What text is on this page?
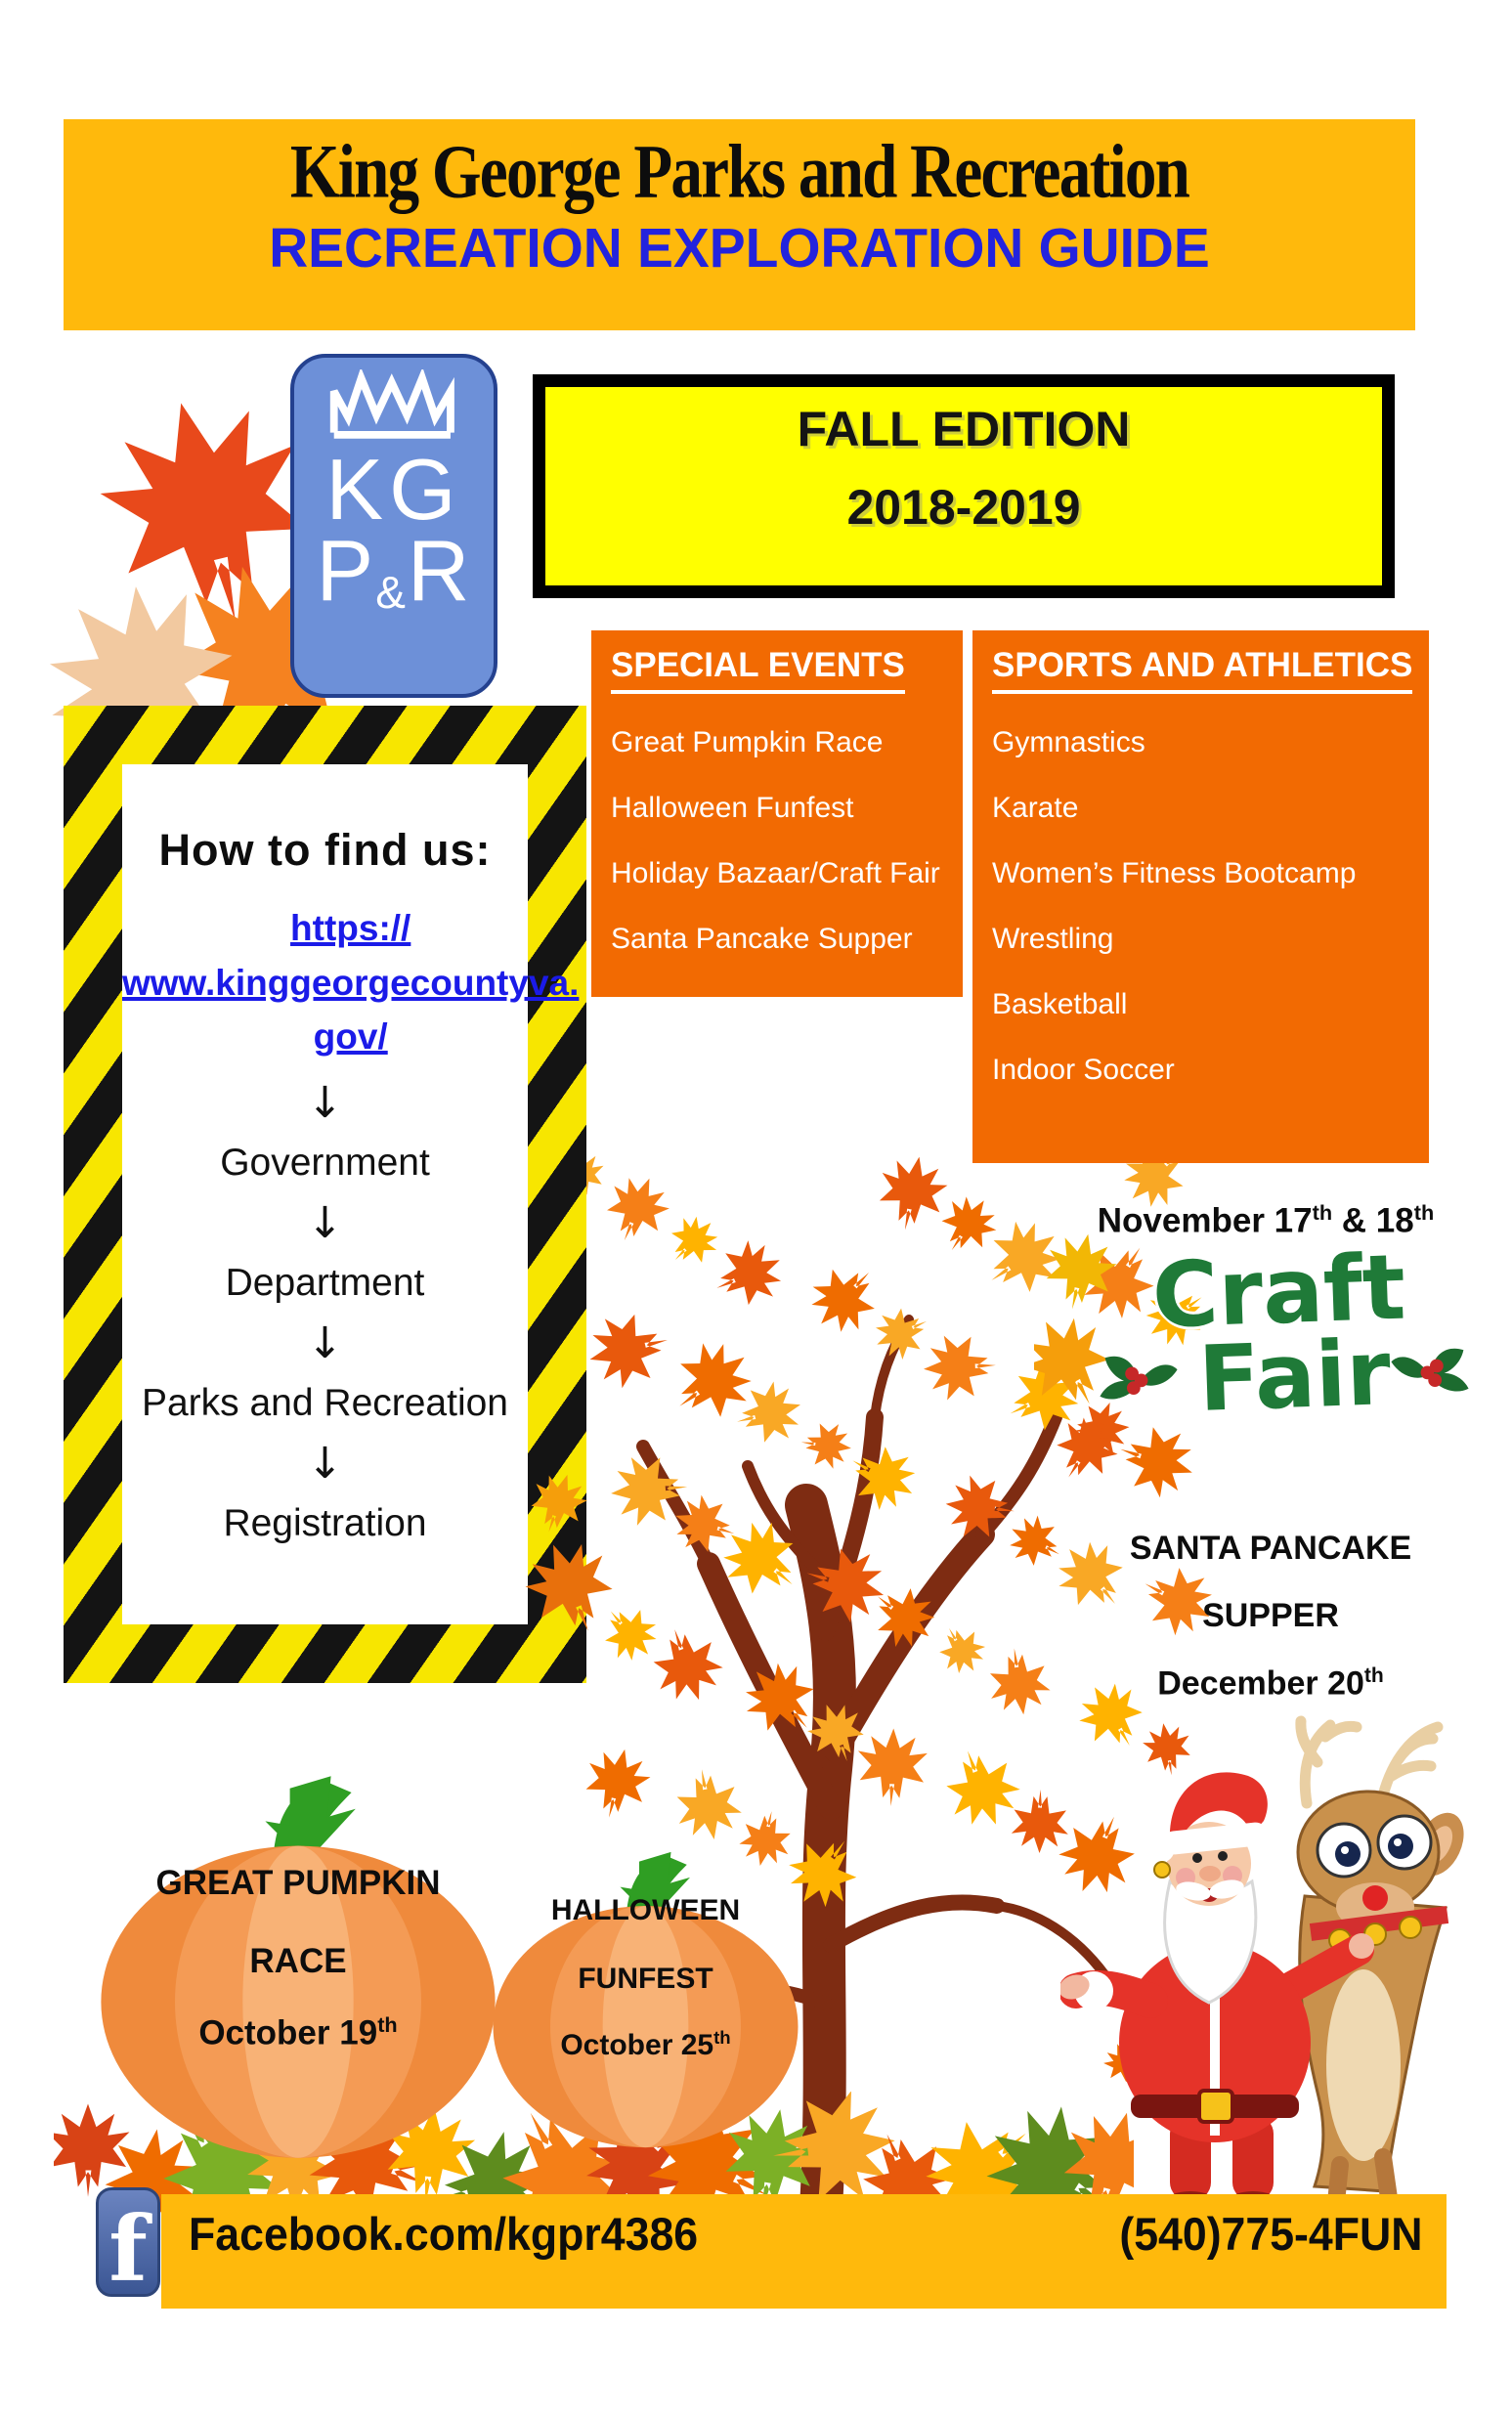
King George Parks and Recreation
RECREATION EXPLORATION GUIDE
KG
P&R
FALL EDITION
2018-2019
SPECIAL EVENTS
Great Pumpkin Race
Halloween Funfest
Holiday Bazaar/Craft Fair
Santa Pancake Supper
SPORTS AND ATHLETICS
Gymnastics
Karate
Women’s Fitness Bootcamp
Wrestling
Basketball
Indoor Soccer
How to find us:
https://
www.kinggeorgecountyva.
gov/
↓
Government
↓
Department
↓
Parks and Recreation
↓
Registration
November 17th & 18th
Craft
Fair
SANTA PANCAKE
SUPPER
December 20th
GREAT PUMPKIN
RACE
October 19th
HALLOWEEN
FUNFEST
October 25th
Facebook.com/kgpr4386	(540)775-4FUN
f
